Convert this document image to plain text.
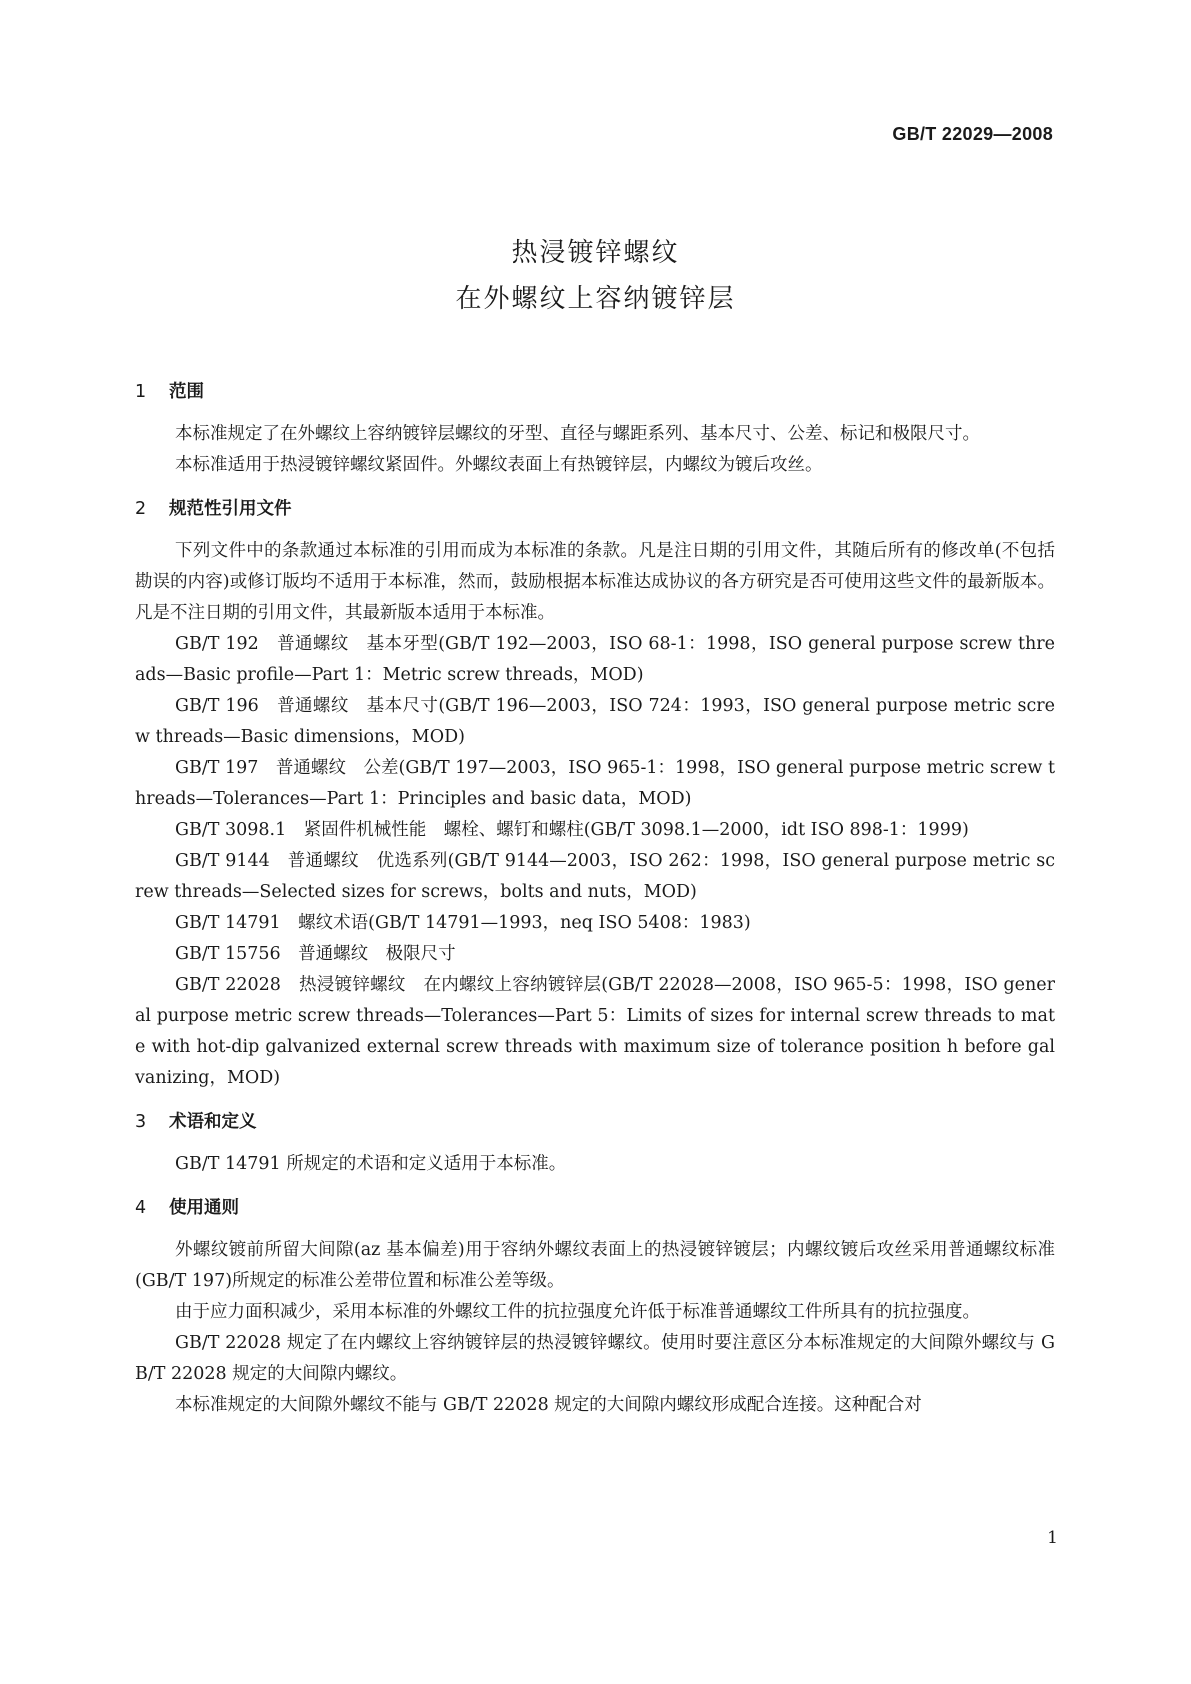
GB/T 22029—2008
热浸镀锌螺纹
在外螺纹上容纳镀锌层
1 范围

本标准规定了在外螺纹上容纳镀锌层螺纹的牙型、直径与螺距系列、基本尺寸、公差、标记和极限尺寸。

本标准适用于热浸镀锌螺纹紧固件。外螺纹表面上有热镀锌层，内螺纹为镀后攻丝。

2 规范性引用文件

下列文件中的条款通过本标准的引用而成为本标准的条款。凡是注日期的引用文件，其随后所有的修改单(不包括勘误的内容)或修订版均不适用于本标准，然而，鼓励根据本标准达成协议的各方研究是否可使用这些文件的最新版本。凡是不注日期的引用文件，其最新版本适用于本标准。

GB/T 192　普通螺纹　基本牙型(GB/T 192—2003，ISO 68-1：1998，ISO general purpose screw threads—Basic profile—Part 1：Metric screw threads，MOD)

GB/T 196　普通螺纹　基本尺寸(GB/T 196—2003，ISO 724：1993，ISO general purpose metric screw threads—Basic dimensions，MOD)

GB/T 197　普通螺纹　公差(GB/T 197—2003，ISO 965-1：1998，ISO general purpose metric screw threads—Tolerances—Part 1：Principles and basic data，MOD)

GB/T 3098.1　紧固件机械性能　螺栓、螺钉和螺柱(GB/T 3098.1—2000，idt ISO 898-1：1999)

GB/T 9144　普通螺纹　优选系列(GB/T 9144—2003，ISO 262：1998，ISO general purpose metric screw threads—Selected sizes for screws，bolts and nuts，MOD)

GB/T 14791　螺纹术语(GB/T 14791—1993，neq ISO 5408：1983)

GB/T 15756　普通螺纹　极限尺寸

GB/T 22028　热浸镀锌螺纹　在内螺纹上容纳镀锌层(GB/T 22028—2008，ISO 965-5：1998，ISO general purpose metric screw threads—Tolerances—Part 5：Limits of sizes for internal screw threads to mate with hot-dip galvanized external screw threads with maximum size of tolerance position h before galvanizing，MOD)

3 术语和定义

GB/T 14791 所规定的术语和定义适用于本标准。

4 使用通则

外螺纹镀前所留大间隙(az 基本偏差)用于容纳外螺纹表面上的热浸镀锌镀层；内螺纹镀后攻丝采用普通螺纹标准(GB/T 197)所规定的标准公差带位置和标准公差等级。

由于应力面积减少，采用本标准的外螺纹工件的抗拉强度允许低于标准普通螺纹工件所具有的抗拉强度。

GB/T 22028 规定了在内螺纹上容纳镀锌层的热浸镀锌螺纹。使用时要注意区分本标准规定的大间隙外螺纹与 GB/T 22028 规定的大间隙内螺纹。

本标准规定的大间隙外螺纹不能与 GB/T 22028 规定的大间隙内螺纹形成配合连接。这种配合对

1
